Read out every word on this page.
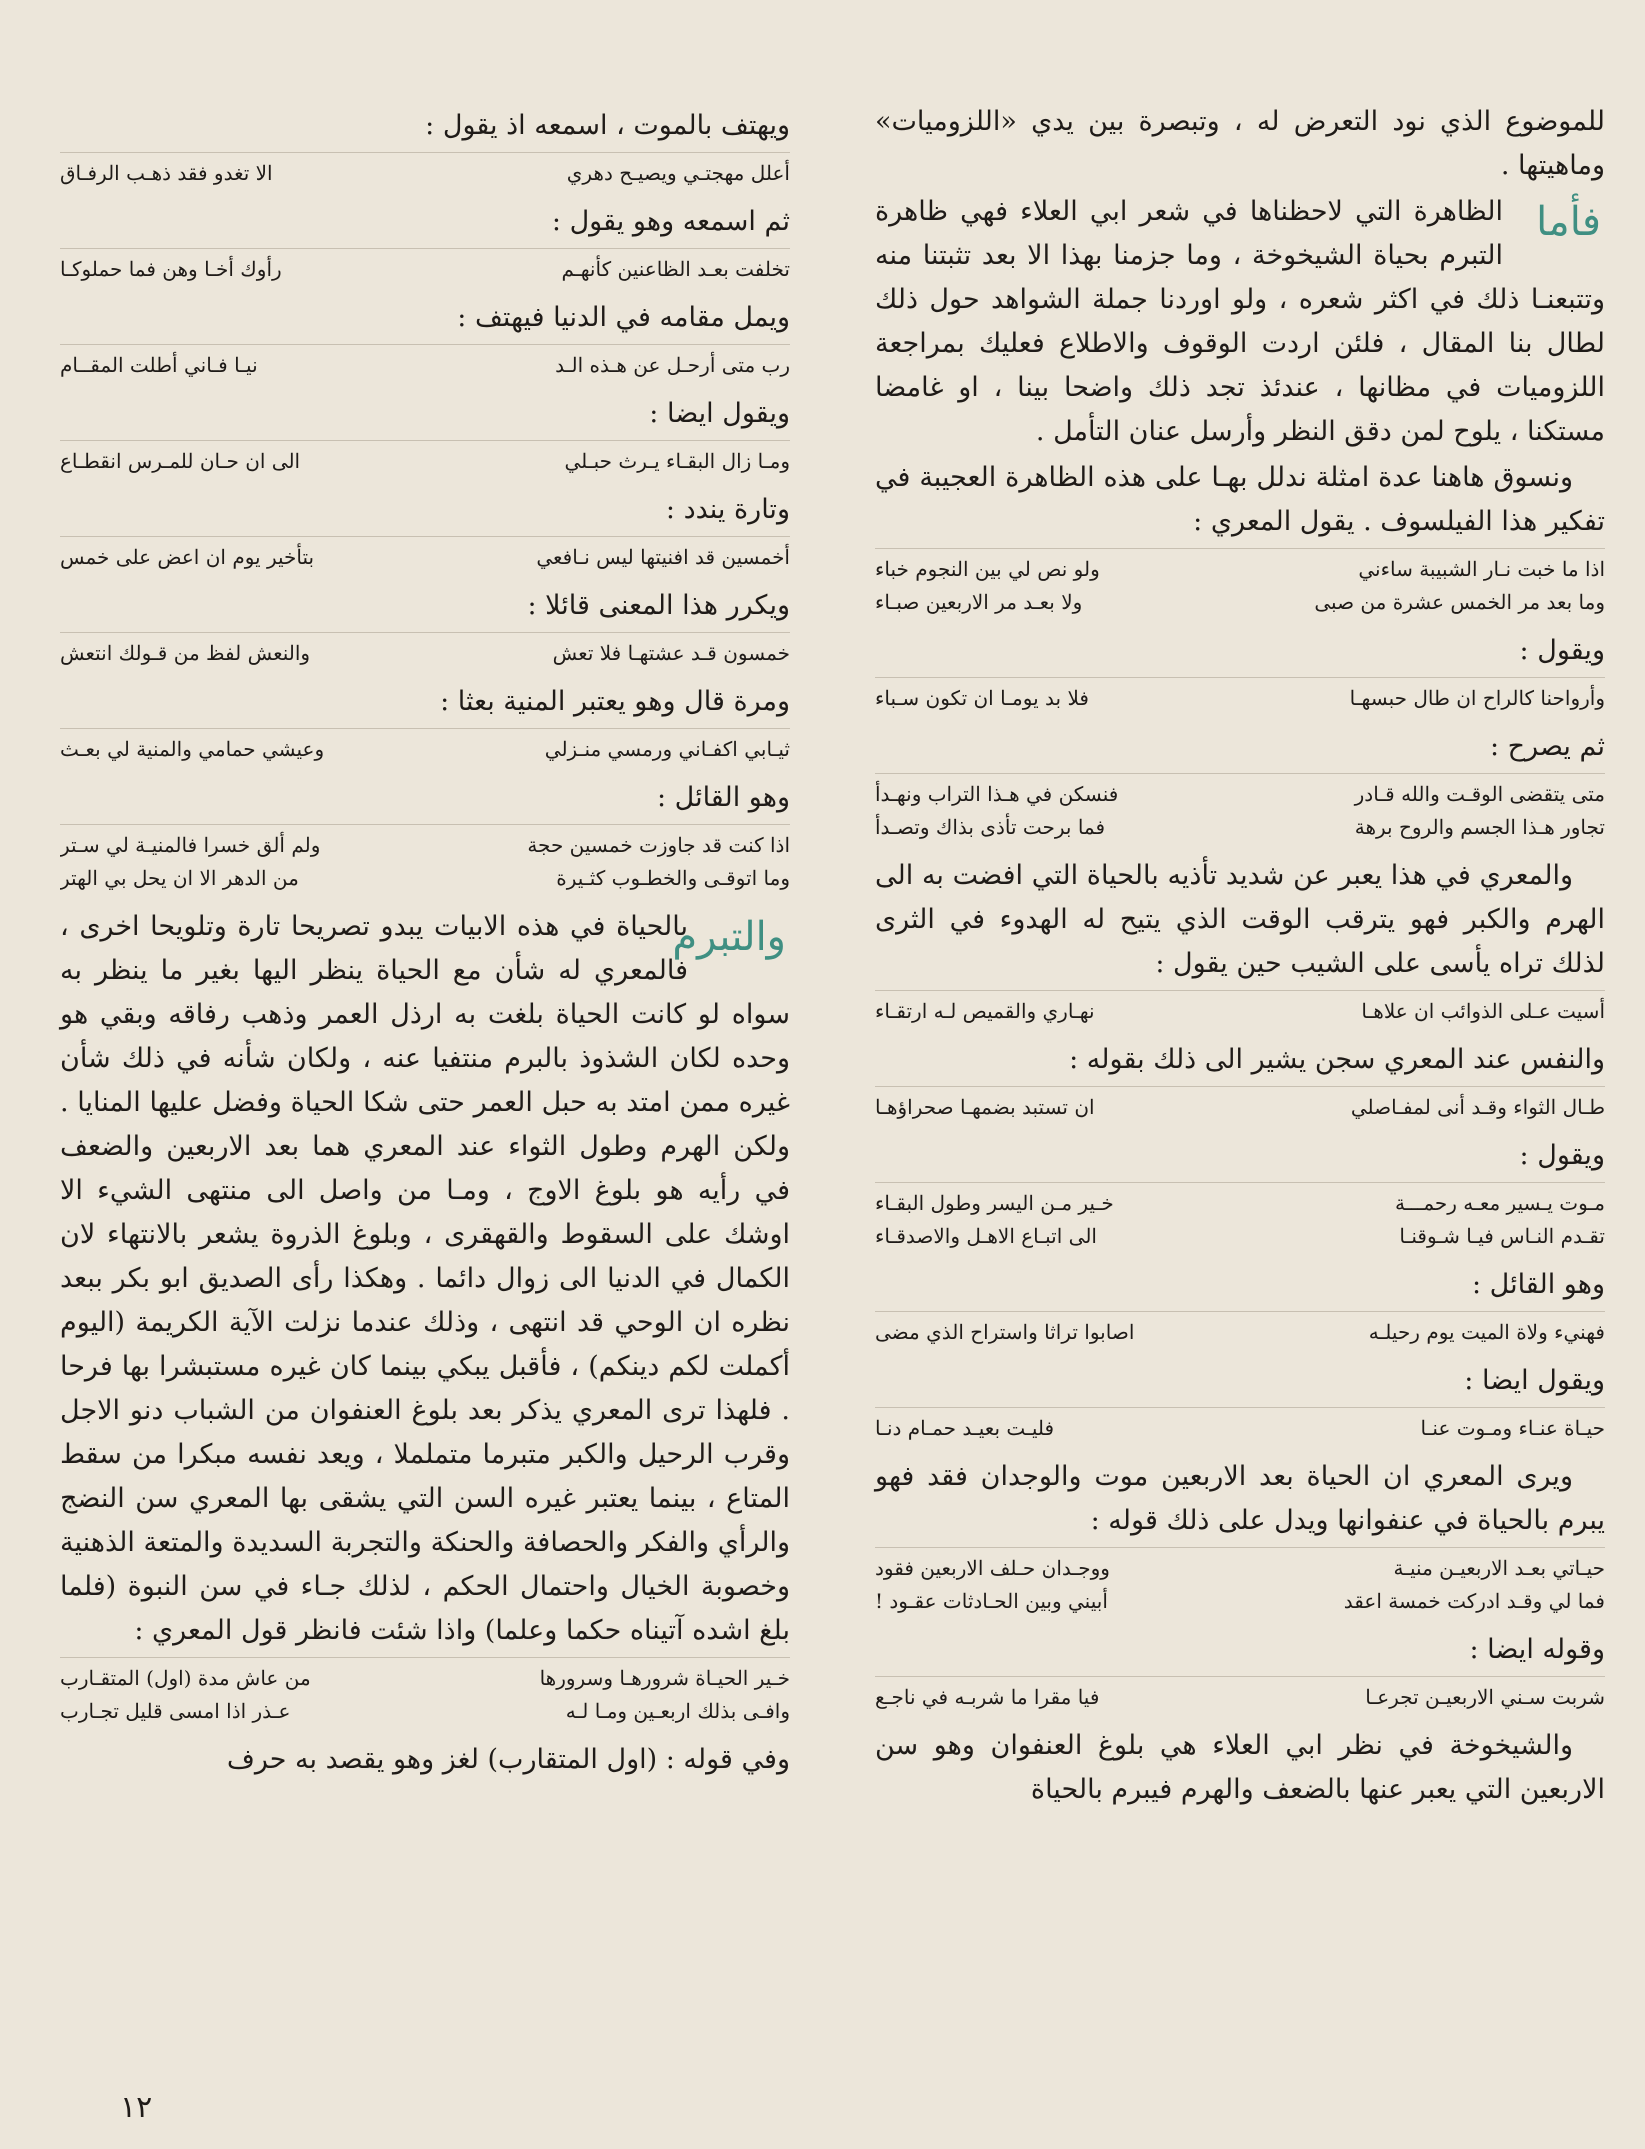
للموضوع الذي نود التعرض له ، وتبصرة بين يدي «اللزوميات» وماهيتها .
فأما
الظاهرة التي لاحظناها في شعر ابي العلاء فهي ظاهرة التبرم بحياة الشيخوخة ، وما جزمنا بهذا الا بعد تثبتنا منه وتتبعنـا ذلك في اكثر شعره ، ولو اوردنا جملة الشواهد حول ذلك لطال بنا المقال ، فلئن اردت الوقوف والاطلاع فعليك بمراجعة اللزوميات في مظانها ، عندئذ تجد ذلك واضحا بينا ، او غامضا مستكنا ، يلوح لمن دقق النظر وأرسل عنان التأمل .
ونسوق هاهنا عدة امثلة ندلل بهـا على هذه الظاهرة العجيبة في تفكير هذا الفيلسوف . يقول المعري :
اذا ما خبت نـار الشبيبة ساءني
ولو نص لي بين النجوم خباء
وما بعد مر الخمس عشرة من صبى
ولا بعـد مر الاربعين صبـاء
ويقول :
وأرواحنا كالراح ان طال حبسهـا
فلا بد يومـا ان تكون سـباء
ثم يصرح :
متى يتقضى الوقـت والله قـادر
فنسكن في هـذا التراب ونهـدأ
تجاور هـذا الجسم والروح برهة
فما برحت تأذى بذاك وتصـدأ
والمعري في هذا يعبر عن شديد تأذيه بالحياة التي افضت به الى الهرم والكبر فهو يترقب الوقت الذي يتيح له الهدوء في الثرى لذلك تراه يأسى على الشيب حين يقول :
أسيت عـلى الذوائب ان علاهـا
نهـاري والقميص لـه ارتقـاء
والنفس عند المعري سجن يشير الى ذلك بقوله :
طـال الثواء وقـد أنى لمفـاصلي
ان تستبد بضمهـا صحراؤهـا
ويقول :
مـوت يـسير معـه رحمـــة
خـير مـن اليسر وطول البقـاء
تقـدم النـاس فيـا شـوقنـا
الى اتبـاع الاهـل والاصدقـاء
وهو القائل :
فهنيء ولاة الميت يوم رحيلـه
اصابوا تراثا واستراح الذي مضى
ويقول ايضا :
حيـاة عنـاء ومـوت عنـا
فليـت بعيـد حمـام دنـا
ويرى المعري ان الحياة بعد الاربعين موت والوجدان فقد فهو يبرم بالحياة في عنفوانها ويدل على ذلك قوله :
حيـاتي بعـد الاربعيـن منيـة
ووجـدان حـلف الاربعين فقود
فما لي وقـد ادركت خمسة اعقد
أبيني وبين الحـادثات عقـود !
وقوله ايضا :
شربت سـني الاربعيـن تجرعـا
فيا مقرا ما شربـه في ناجـع
والشيخوخة في نظر ابي العلاء هي بلوغ العنفوان وهو سن الاربعين التي يعبر عنها بالضعف والهرم فيبرم بالحياة
ويهتف بالموت ، اسمعه اذ يقول :
أعلل مهجتـي ويصيـح دهري
الا تغدو فقد ذهـب الرفـاق
ثم اسمعه وهو يقول :
تخلفت بعـد الظاعنين كأنهـم
رأوك أخـا وهن فما حملوكـا
ويمل مقامه في الدنيا فيهتف :
رب متى أرحـل عن هـذه الـد
نيـا فـاني أطلت المقــام
ويقول ايضا :
ومـا زال البقـاء يـرث حبـلي
الى ان حـان للمـرس انقطـاع
وتارة يندد :
أخمسين قد افنيتها ليس نـافعي
بتأخير يوم ان اعض على خمس
ويكرر هذا المعنى قائلا :
خمسون قـد عشتهـا فلا تعش
والنعش لفظ من قـولك انتعش
ومرة قال وهو يعتبر المنية بعثا :
ثيـابي اكفـاني ورمسي منـزلي
وعيشي حمامي والمنية لي بعـث
وهو القائل :
اذا كنت قد جاوزت خمسين حجة
ولم ألق خسرا فالمنيـة لي سـتر
وما اتوقـى والخطـوب كثـيرة
من الدهر الا ان يحل بي الهتر
والتبرم
بالحياة في هذه الابيات يبدو تصريحا تارة وتلويحا اخرى ، فالمعري له شأن مع الحياة ينظر اليها بغير ما ينظر به سواه لو كانت الحياة بلغت به ارذل العمر وذهب رفاقه وبقي هو وحده لكان الشذوذ بالبرم منتفيا عنه ، ولكان شأنه في ذلك شأن غيره ممن امتد به حبل العمر حتى شكا الحياة وفضل عليها المنايا . ولكن الهرم وطول الثواء عند المعري هما بعد الاربعين والضعف في رأيه هو بلوغ الاوج ، ومـا من واصل الى منتهى الشيء الا اوشك على السقوط والقهقرى ، وبلوغ الذروة يشعر بالانتهاء لان الكمال في الدنيا الى زوال دائما . وهكذا رأى الصديق ابو بكر ببعد نظره ان الوحي قد انتهى ، وذلك عندما نزلت الآية الكريمة (اليوم أكملت لكم دينكم) ، فأقبل يبكي بينما كان غيره مستبشرا بها فرحا . فلهذا ترى المعري يذكر بعد بلوغ العنفوان من الشباب دنو الاجل وقرب الرحيل والكبر متبرما متململا ، ويعد نفسه مبكرا من سقط المتاع ، بينما يعتبر غيره السن التي يشقى بها المعري سن النضج والرأي والفكر والحصافة والحنكة والتجربة السديدة والمتعة الذهنية وخصوبة الخيال واحتمال الحكم ، لذلك جـاء في سن النبوة (فلما بلغ اشده آتيناه حكما وعلما) واذا شئت فانظر قول المعري :
خـير الحيـاة شرورهـا وسرورها
من عاش مدة (اول) المتقـارب
وافـى بذلك اربعـين ومـا لـه
عـذر اذا امسى قليل تجـارب
وفي قوله : (اول المتقارب) لغز وهو يقصد به حرف
١٢
